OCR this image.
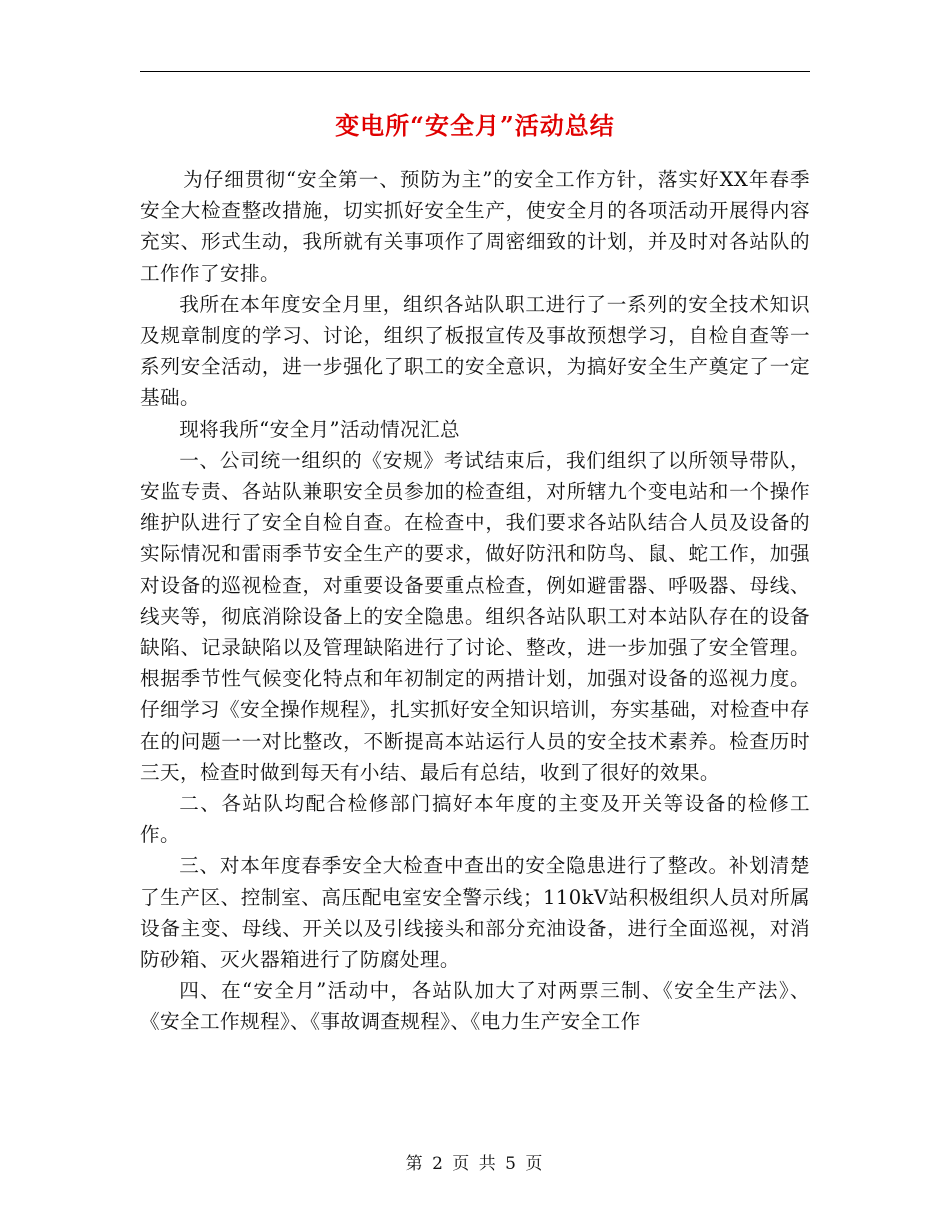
变电所“安全月”活动总结

为仔细贯彻“安全第一、预防为主”的安全工作方针，落实好XX年春季安全大检查整改措施，切实抓好安全生产，使安全月的各项活动开展得内容充实、形式生动，我所就有关事项作了周密细致的计划，并及时对各站队的工作作了安排。

我所在本年度安全月里，组织各站队职工进行了一系列的安全技术知识及规章制度的学习、讨论，组织了板报宣传及事故预想学习，自检自查等一系列安全活动，进一步强化了职工的安全意识，为搞好安全生产奠定了一定基础。

现将我所“安全月”活动情况汇总

一、公司统一组织的《安规》考试结束后，我们组织了以所领导带队，安监专责、各站队兼职安全员参加的检查组，对所辖九个变电站和一个操作维护队进行了安全自检自查。在检查中，我们要求各站队结合人员及设备的实际情况和雷雨季节安全生产的要求，做好防汛和防鸟、鼠、蛇工作，加强对设备的巡视检查，对重要设备要重点检查，例如避雷器、呼吸器、母线、线夹等，彻底消除设备上的安全隐患。组织各站队职工对本站队存在的设备缺陷、记录缺陷以及管理缺陷进行了讨论、整改，进一步加强了安全管理。根据季节性气候变化特点和年初制定的两措计划，加强对设备的巡视力度。仔细学习《安全操作规程》，扎实抓好安全知识培训，夯实基础，对检查中存在的问题一一对比整改，不断提高本站运行人员的安全技术素养。检查历时三天，检查时做到每天有小结、最后有总结，收到了很好的效果。

二、各站队均配合检修部门搞好本年度的主变及开关等设备的检修工作。

三、对本年度春季安全大检查中查出的安全隐患进行了整改。补划清楚了生产区、控制室、高压配电室安全警示线；110kV站积极组织人员对所属设备主变、母线、开关以及引线接头和部分充油设备，进行全面巡视，对消防砂箱、灭火器箱进行了防腐处理。

四、在“安全月”活动中，各站队加大了对两票三制、《安全生产法》、《安全工作规程》、《事故调查规程》、《电力生产安全工作

第 2 页 共 5 页
